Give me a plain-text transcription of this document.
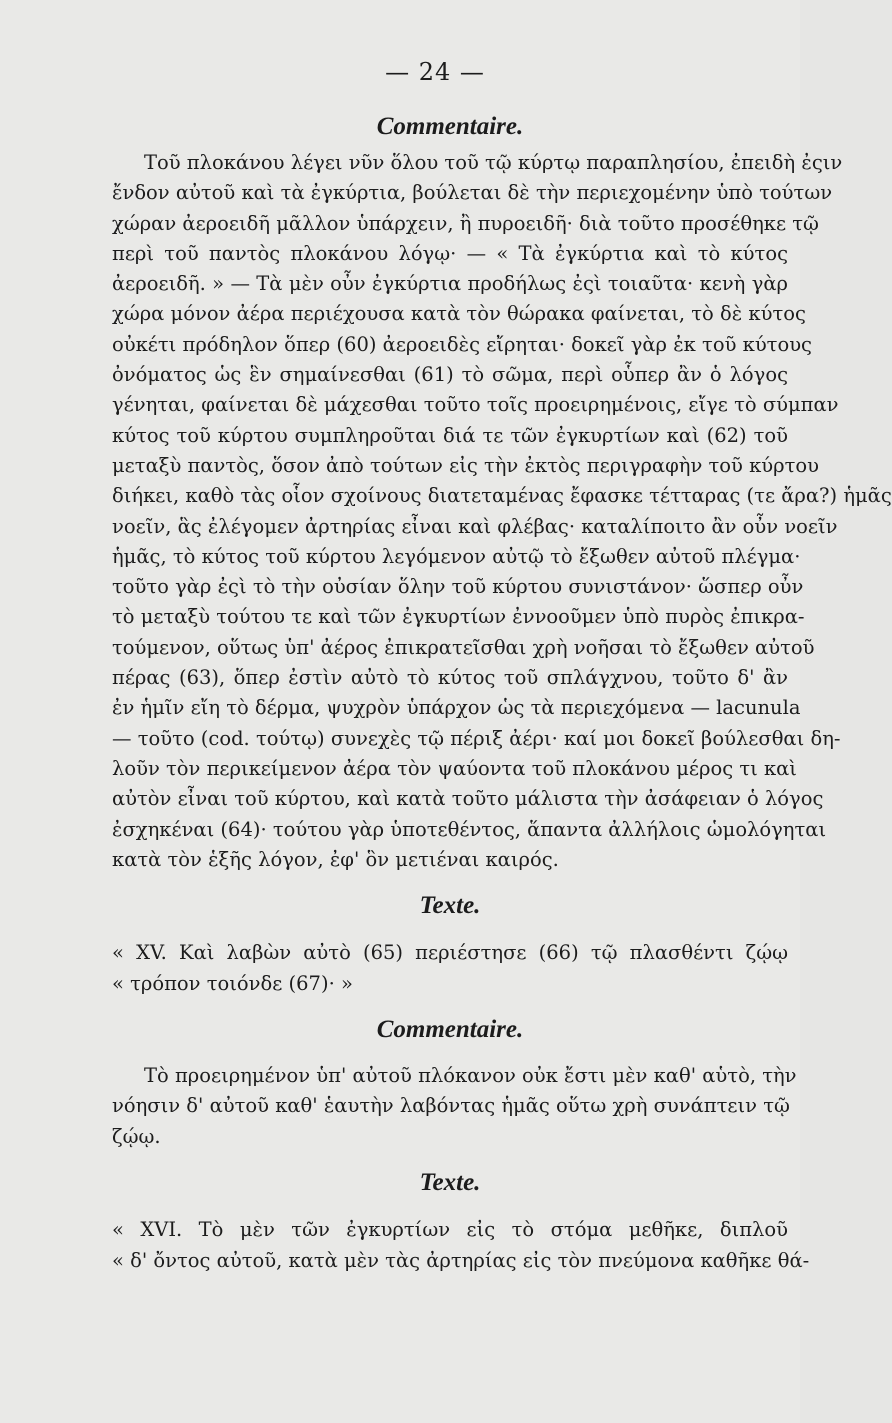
— 24 —
Commentaire.
Τοῦ πλοκάνου λέγει νῦν ὅλου τοῦ τῷ κύρτῳ παραπλησίου, ἐπειδὴ ἐςιν
ἔνδον αὐτοῦ καὶ τὰ ἐγκύρτια, βούλεται δὲ τὴν περιεχομένην ὑπὸ τούτων
χώραν ἀεροειδῆ μᾶλλον ὑπάρχειν, ἢ πυροειδῆ· διὰ τοῦτο προσέθηκε τῷ
περὶ τοῦ παντὸς πλοκάνου λόγῳ· — « Τὰ ἐγκύρτια καὶ τὸ κύτος
ἀεροειδῆ. » — Τὰ μὲν οὖν ἐγκύρτια προδήλως ἐςὶ τοιαῦτα· κενὴ γὰρ
χώρα μόνον ἀέρα περιέχουσα κατὰ τὸν θώρακα φαίνεται, τὸ δὲ κύτος
οὐκέτι πρόδηλον ὅπερ (60) ἀεροειδὲς εἴρηται· δοκεῖ γὰρ ἐκ τοῦ κύτους
ὀνόματος ὡς ἓν σημαίνεσθαι (61) τὸ σῶμα, περὶ οὗπερ ἂν ὁ λόγος
γένηται, φαίνεται δὲ μάχεσθαι τοῦτο τοῖς προειρημένοις, εἴγε τὸ σύμπαν
κύτος τοῦ κύρτου συμπληροῦται διά τε τῶν ἐγκυρτίων καὶ (62) τοῦ
μεταξὺ παντὸς, ὅσον ἀπὸ τούτων εἰς τὴν ἐκτὸς περιγραφὴν τοῦ κύρτου
διήκει, καθὸ τὰς οἷον σχοίνους διατεταμένας ἔφασκε τέτταρας (τε ἄρα?) ἡμᾶς
νοεῖν, ἃς ἐλέγομεν ἀρτηρίας εἶναι καὶ φλέβας· καταλίποιτο ἂν οὖν νοεῖν
ἡμᾶς, τὸ κύτος τοῦ κύρτου λεγόμενον αὐτῷ τὸ ἔξωθεν αὐτοῦ πλέγμα·
τοῦτο γὰρ ἐςὶ τὸ τὴν οὐσίαν ὅλην τοῦ κύρτου συνιστάνον· ὥσπερ οὖν
τὸ μεταξὺ τούτου τε καὶ τῶν ἐγκυρτίων ἐννοοῦμεν ὑπὸ πυρὸς ἐπικρα-
τούμενον, οὕτως ὑπ' ἀέρος ἐπικρατεῖσθαι χρὴ νοῆσαι τὸ ἔξωθεν αὐτοῦ
πέρας (63), ὅπερ ἐστὶν αὐτὸ τὸ κύτος τοῦ σπλάγχνου, τοῦτο δ' ἂν
ἐν ἡμῖν εἴη τὸ δέρμα, ψυχρὸν ὑπάρχον ὡς τὰ περιεχόμενα — lacunula
— τοῦτο (cod. τούτῳ) συνεχὲς τῷ πέριξ ἀέρι· καί μοι δοκεῖ βούλεσθαι δη-
λοῦν τὸν περικείμενον ἀέρα τὸν ψαύοντα τοῦ πλοκάνου μέρος τι καὶ
αὐτὸν εἶναι τοῦ κύρτου, καὶ κατὰ τοῦτο μάλιστα τὴν ἀσάφειαν ὁ λόγος
ἐσχηκέναι (64)· τούτου γὰρ ὑποτεθέντος, ἅπαντα ἀλλήλοις ὡμολόγηται
κατὰ τὸν ἑξῆς λόγον, ἐφ' ὃν μετιέναι καιρός.
Texte.
« XV. Καὶ λαβὼν αὐτὸ (65) περιέστησε (66) τῷ πλασθέντι ζῴῳ
« τρόπον τοιόνδε (67)· »
Commentaire.
Τὸ προειρημένον ὑπ' αὐτοῦ πλόκανον οὐκ ἔστι μὲν καθ' αὑτὸ, τὴν
νόησιν δ' αὐτοῦ καθ' ἑαυτὴν λαβόντας ἡμᾶς οὕτω χρὴ συνάπτειν τῷ
ζῴῳ.
Texte.
« XVI. Τὸ μὲν τῶν ἐγκυρτίων εἰς τὸ στόμα μεθῆκε, διπλοῦ
« δ' ὄντος αὐτοῦ, κατὰ μὲν τὰς ἀρτηρίας εἰς τὸν πνεύμονα καθῆκε θά-
